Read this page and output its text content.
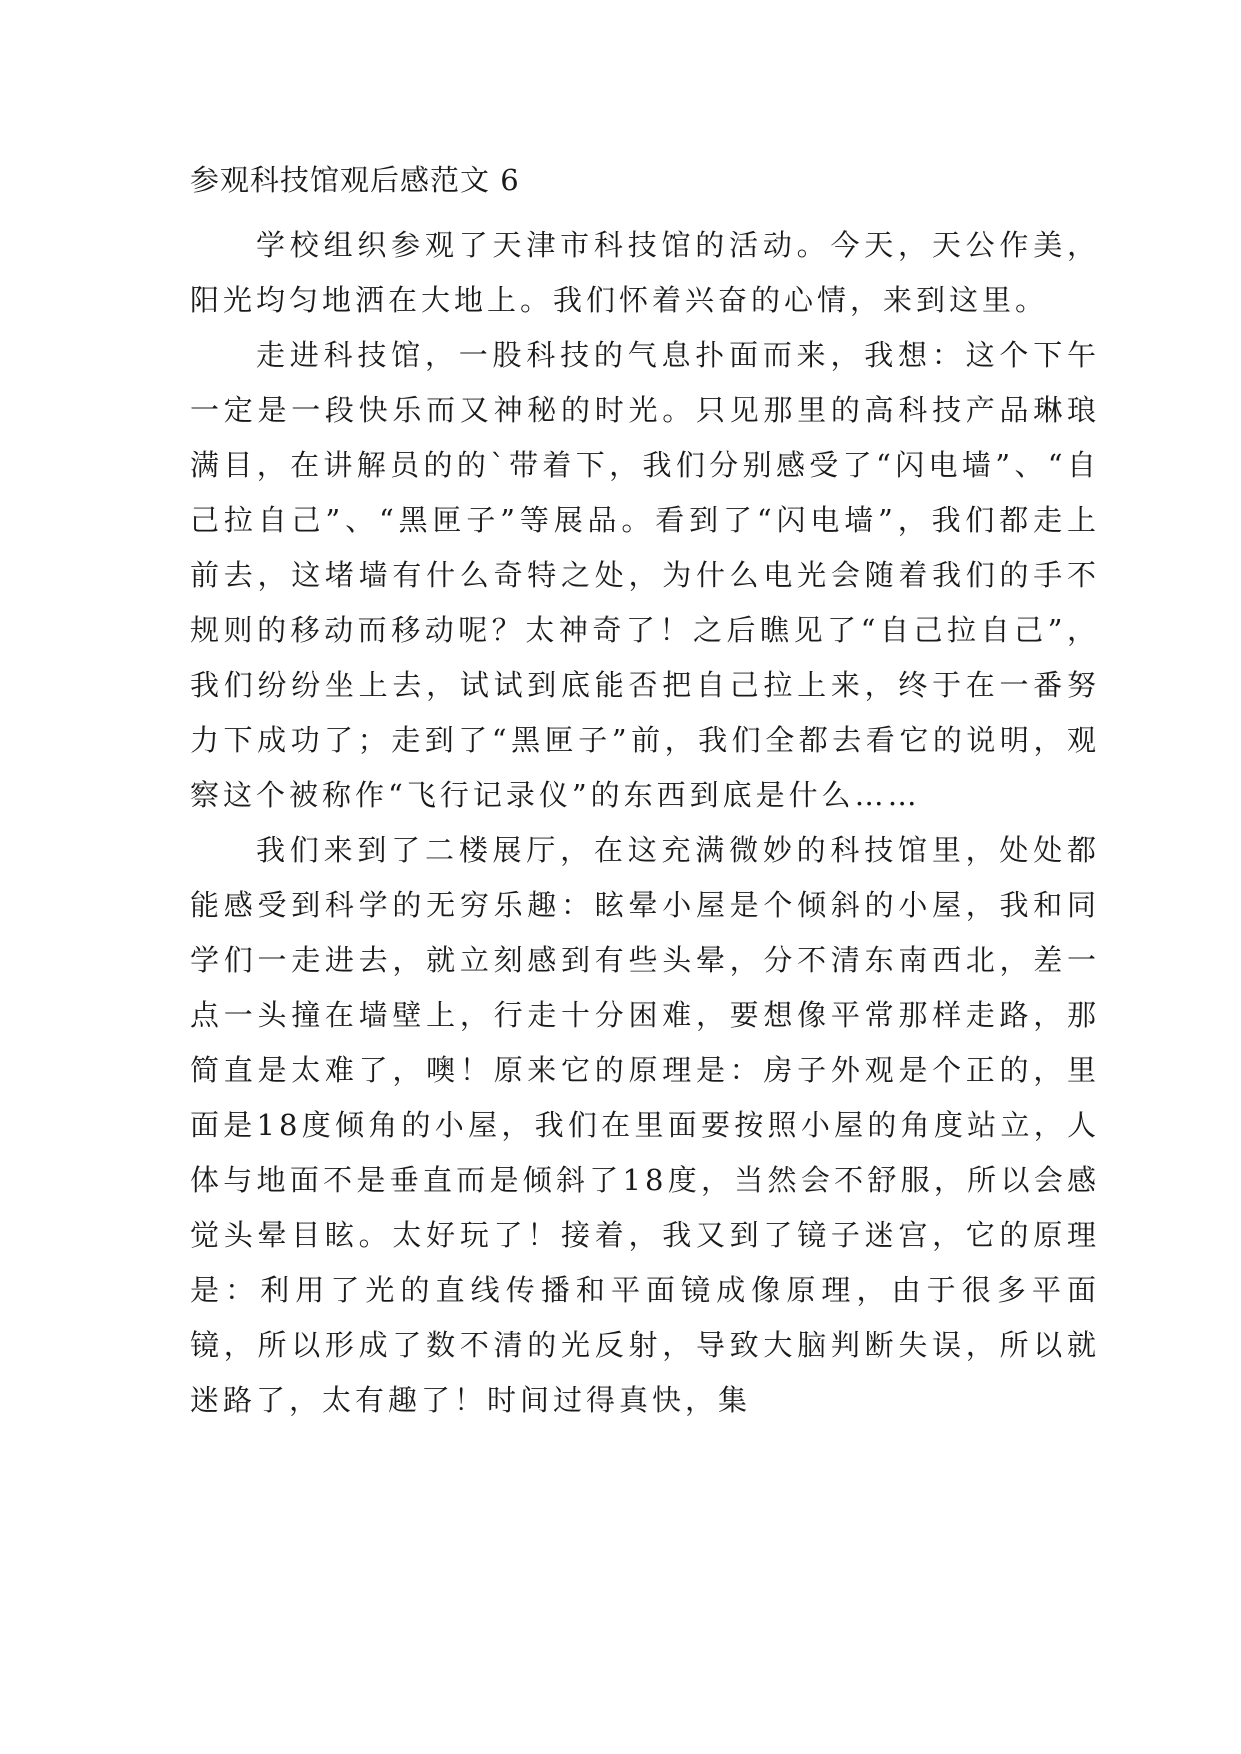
参观科技馆观后感范文 6

学校组织参观了天津市科技馆的活动。今天，天公作美，阳光均匀地洒在大地上。我们怀着兴奋的心情，来到这里。

走进科技馆，一股科技的气息扑面而来，我想：这个下午一定是一段快乐而又神秘的时光。只见那里的高科技产品琳琅满目，在讲解员的的`带着下，我们分别感受了“闪电墙”、“自己拉自己”、“黑匣子”等展品。看到了“闪电墙”，我们都走上前去，这堵墙有什么奇特之处，为什么电光会随着我们的手不规则的移动而移动呢？太神奇了！之后瞧见了“自己拉自己”，我们纷纷坐上去，试试到底能否把自己拉上来，终于在一番努力下成功了；走到了“黑匣子”前，我们全都去看它的说明，观察这个被称作“飞行记录仪”的东西到底是什么……

我们来到了二楼展厅，在这充满微妙的科技馆里，处处都能感受到科学的无穷乐趣：眩晕小屋是个倾斜的小屋，我和同学们一走进去，就立刻感到有些头晕，分不清东南西北，差一点一头撞在墙壁上，行走十分困难，要想像平常那样走路，那简直是太难了，噢！原来它的原理是：房子外观是个正的，里面是18度倾角的小屋，我们在里面要按照小屋的角度站立，人体与地面不是垂直而是倾斜了18度，当然会不舒服，所以会感觉头晕目眩。太好玩了！接着，我又到了镜子迷宫，它的原理是：利用了光的直线传播和平面镜成像原理，由于很多平面镜，所以形成了数不清的光反射，导致大脑判断失误，所以就迷路了，太有趣了！时间过得真快，集
